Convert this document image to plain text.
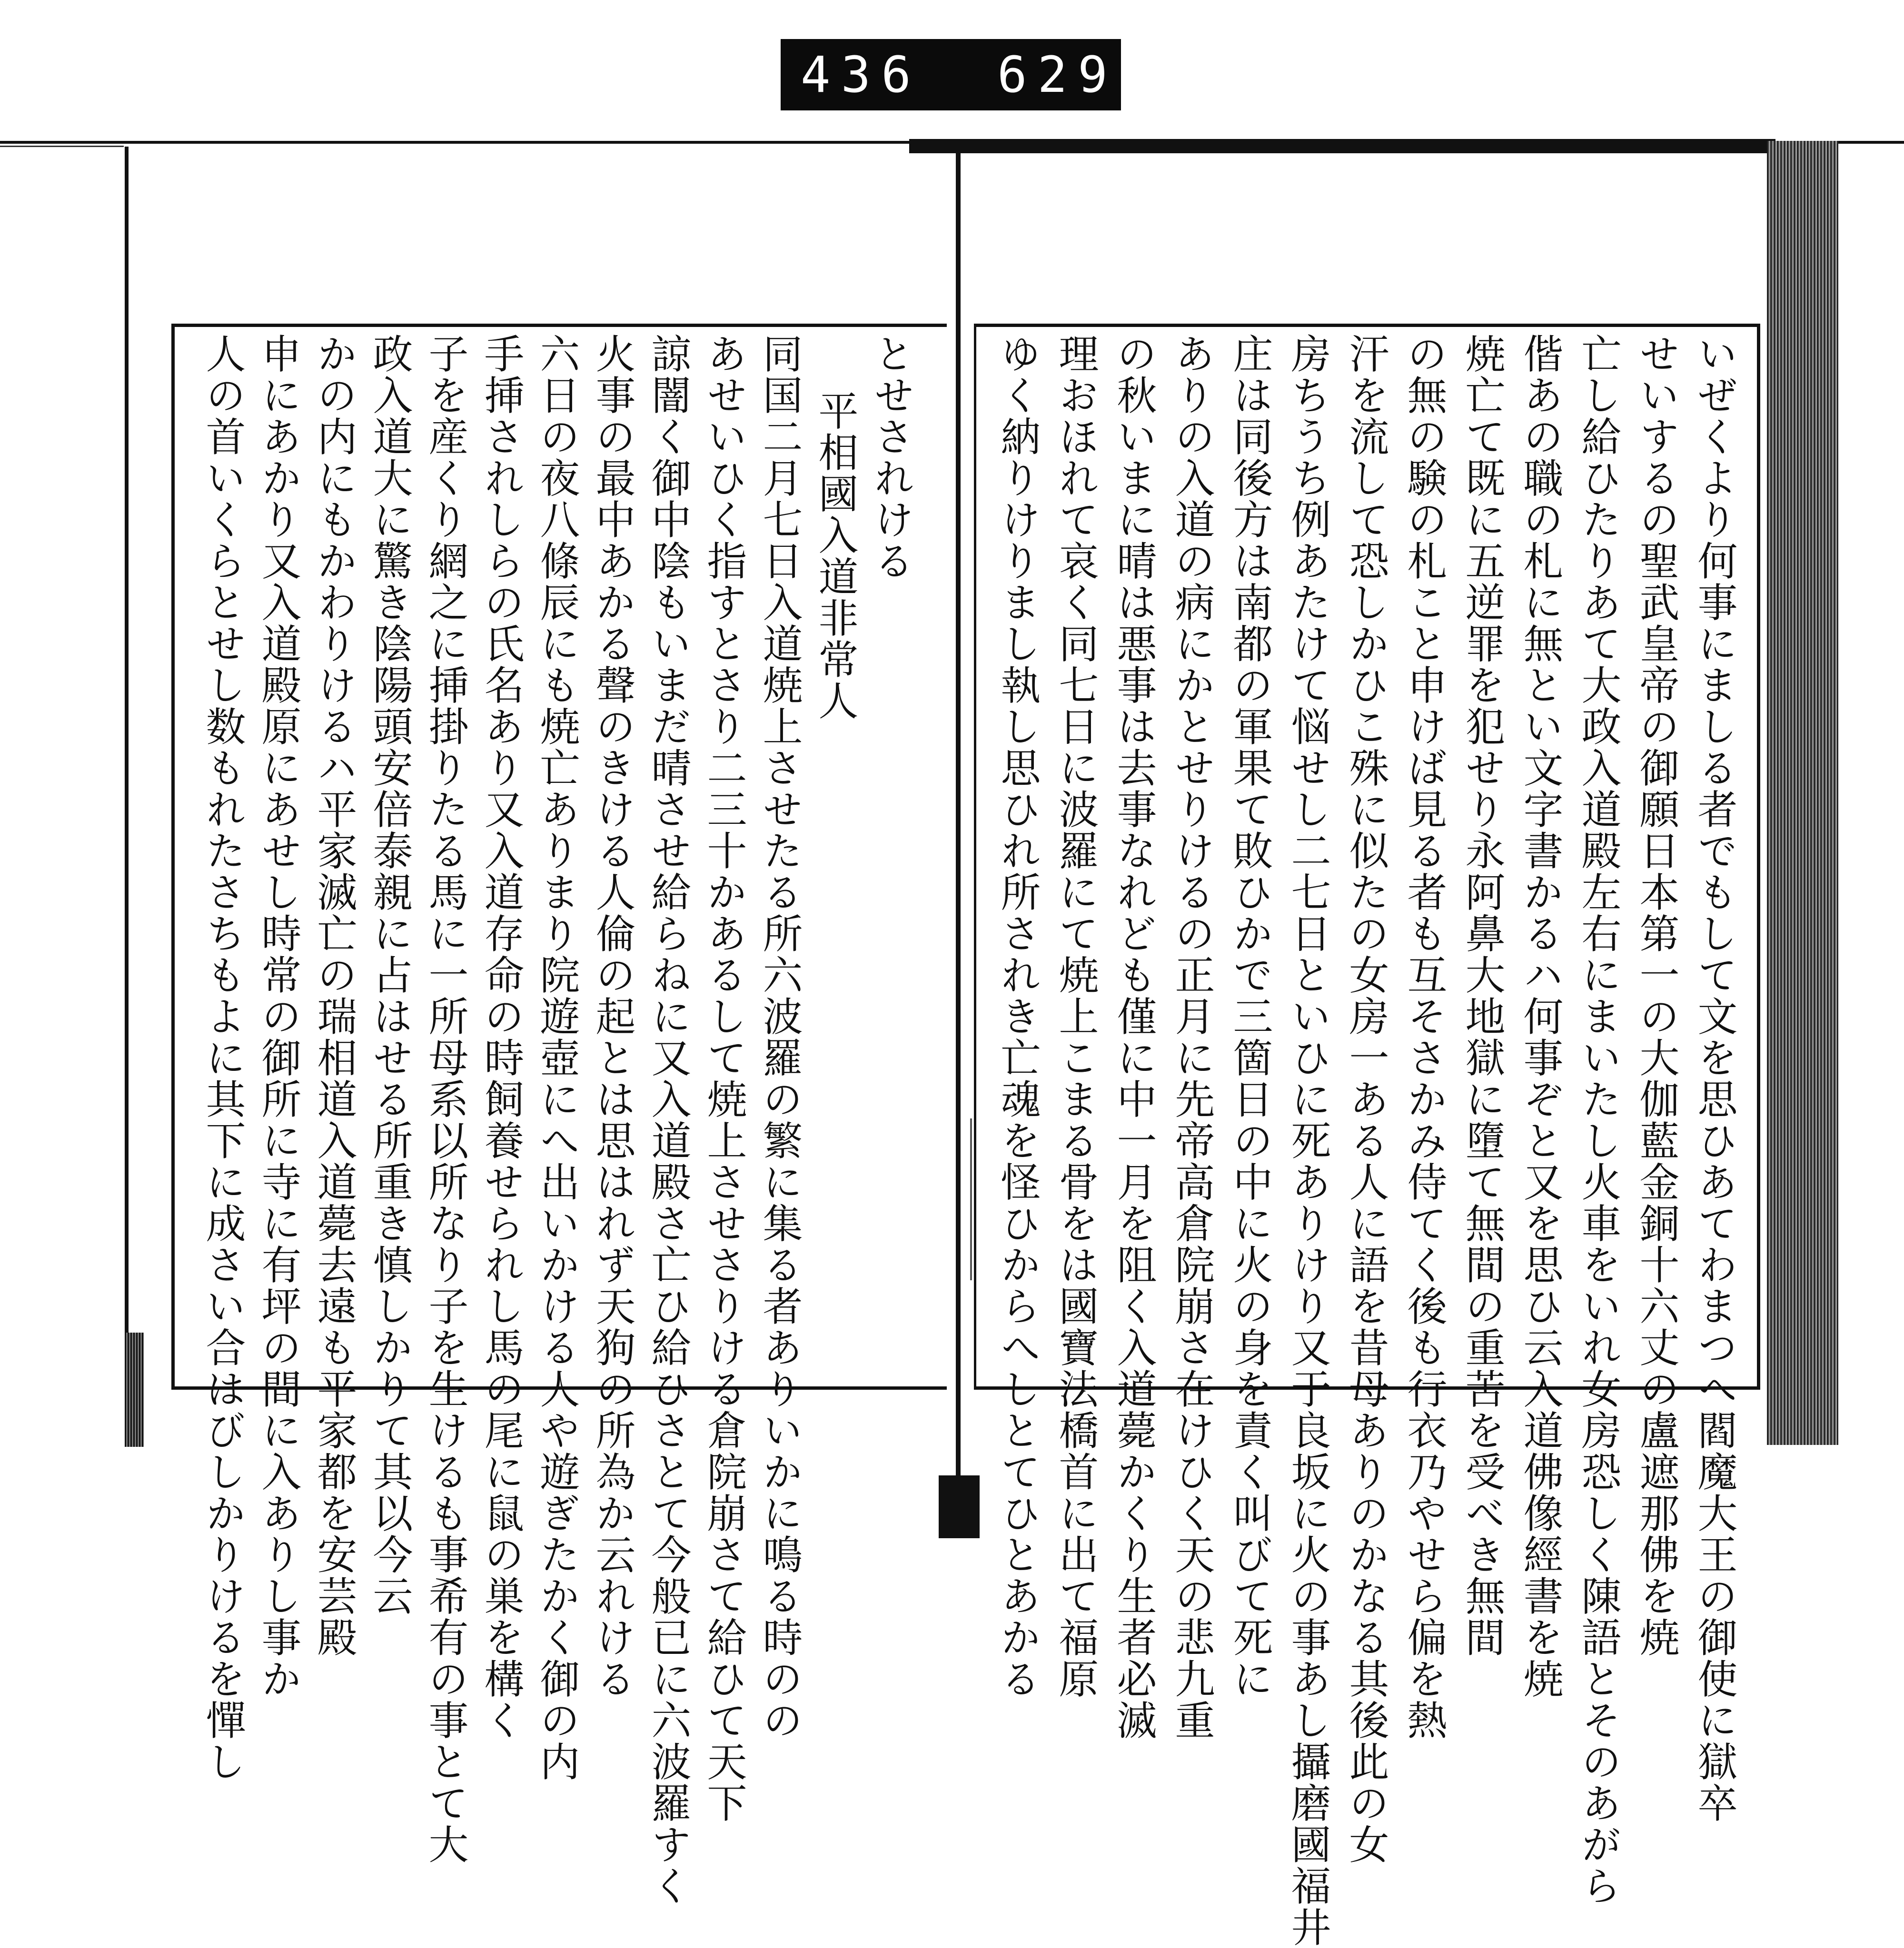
436 629
いぜくより何事にましる者でもして文を思ひあてわまつへ閻魔大王の御使に獄卒
せいするの聖武皇帝の御願日本第一の大伽藍金銅十六丈の盧遮那佛を焼
亡し給ひたりあて大政入道殿左右にまいたし火車をいれ女房恐しく陳語とそのあがら
偕あの職の札に無とい文字書かるハ何事ぞと又を思ひ云入道佛像經書を焼
焼亡て既に五逆罪を犯せり永阿鼻大地獄に墮て無間の重苦を受べき無間
の無の験の札こと申けば見る者も互そさかみ侍てく後も行衣乃やせら偏を熱
汗を流して恐しかひこ殊に似たの女房一ある人に語を昔母ありのかなる其後此の女
房ちうち例あたけて悩せし二七日といひに死ありけり又于良坂に火の事あし攝磨國福井
庄は同後方は南都の軍果て敗ひかで三箇日の中に火の身を責く叫びて死に
ありの入道の病にかとせりけるの正月に先帝高倉院崩さ在けひく天の悲九重
の秋いまに晴は悪事は去事なれども僅に中一月を阻く入道薨かくり生者必滅
理おほれて哀く同七日に波羅にて焼上こまる骨をは國寶法橋首に出て福原
ゆく納りけりまし執し思ひれ所されき亡魂を怪ひからへしとてひとあかる
とせされける
平相國入道非常人
同国二月七日入道焼上させたる所六波羅の繁に集る者ありいかに鳴る時のの
あせいひく指すとさり二三十かあるして焼上させさりける倉院崩さて給ひて天下
諒闇く御中陰もいまだ晴させ給らねに又入道殿さ亡ひ給ひさとて今般已に六波羅すく
火事の最中あかる聲のきける人倫の起とは思はれず天狗の所為か云れける
六日の夜八條辰にも焼亡ありまり院遊壺にへ出いかける人や遊ぎたかく御の内
手挿されしらの氏名あり又入道存命の時飼養せられし馬の尾に鼠の巣を構く
子を産くり網之に挿掛りたる馬に一所母系以所なり子を生けるも事希有の事とて大
政入道大に驚き陰陽頭安倍泰親に占はせる所重き慎しかりて其以今云
かの内にもかわりけるハ平家滅亡の瑞相道入道薨去遠も平家都を安芸殿
申にあかり又入道殿原にあせし時常の御所に寺に有坪の間に入ありし事か
人の首いくらとせし数もれたさちもよに其下に成さい合はびしかりけるを憚し
